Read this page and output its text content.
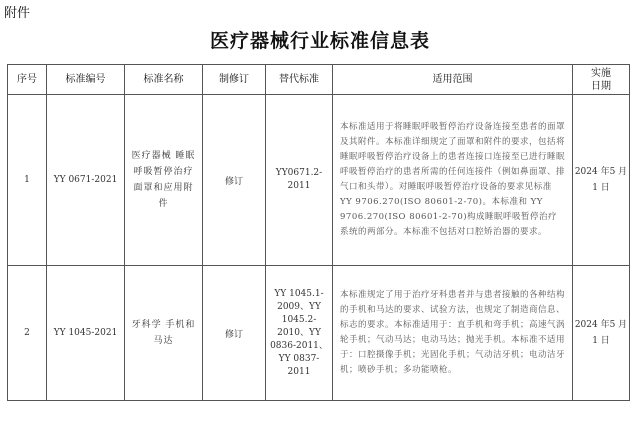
附件
医疗器械行业标准信息表
序号	标准编号	标准名称	制修订	替代标准	适用范围	实施
日期
1	YY 0671-2021	医疗器械 睡眠呼吸暂停治疗 面罩和应用附件	修订	YY0671.2-2011	本标准适用于将睡眠呼吸暂停治疗设备连接至患者的面罩及其附件。本标准详细规定了面罩和附件的要求，包括将睡眠呼吸暂停治疗设备上的患者连接口连接至已进行睡眠呼吸暂停治疗的患者所需的任何连接件（例如鼻面罩、排气口和头带）。对睡眠呼吸暂停治疗设备的要求见标准 YY 9706.270(ISO 80601-2-70)。本标准和 YY 9706.270(ISO 80601-2-70)构成睡眠呼吸暂停治疗系统的两部分。本标准不包括对口腔矫治器的要求。	2024 年5 月 1 日

2	YY 1045-2021	牙科学 手机和马达	修订	YY 1045.1-2009、YY 1045.2-2010、YY 0836-2011、YY 0837-2011	本标准规定了用于治疗牙科患者并与患者接触的各种结构的手机和马达的要求、试验方法，也规定了制造商信息、标志的要求。本标准适用于：直手机和弯手机；高速气涡轮手机；气动马达；电动马达；抛光手机。本标准不适用于：口腔摄像手机；光固化手机；气动洁牙机；电动洁牙机；喷砂手机；多功能喷枪。	2024 年5 月 1 日
